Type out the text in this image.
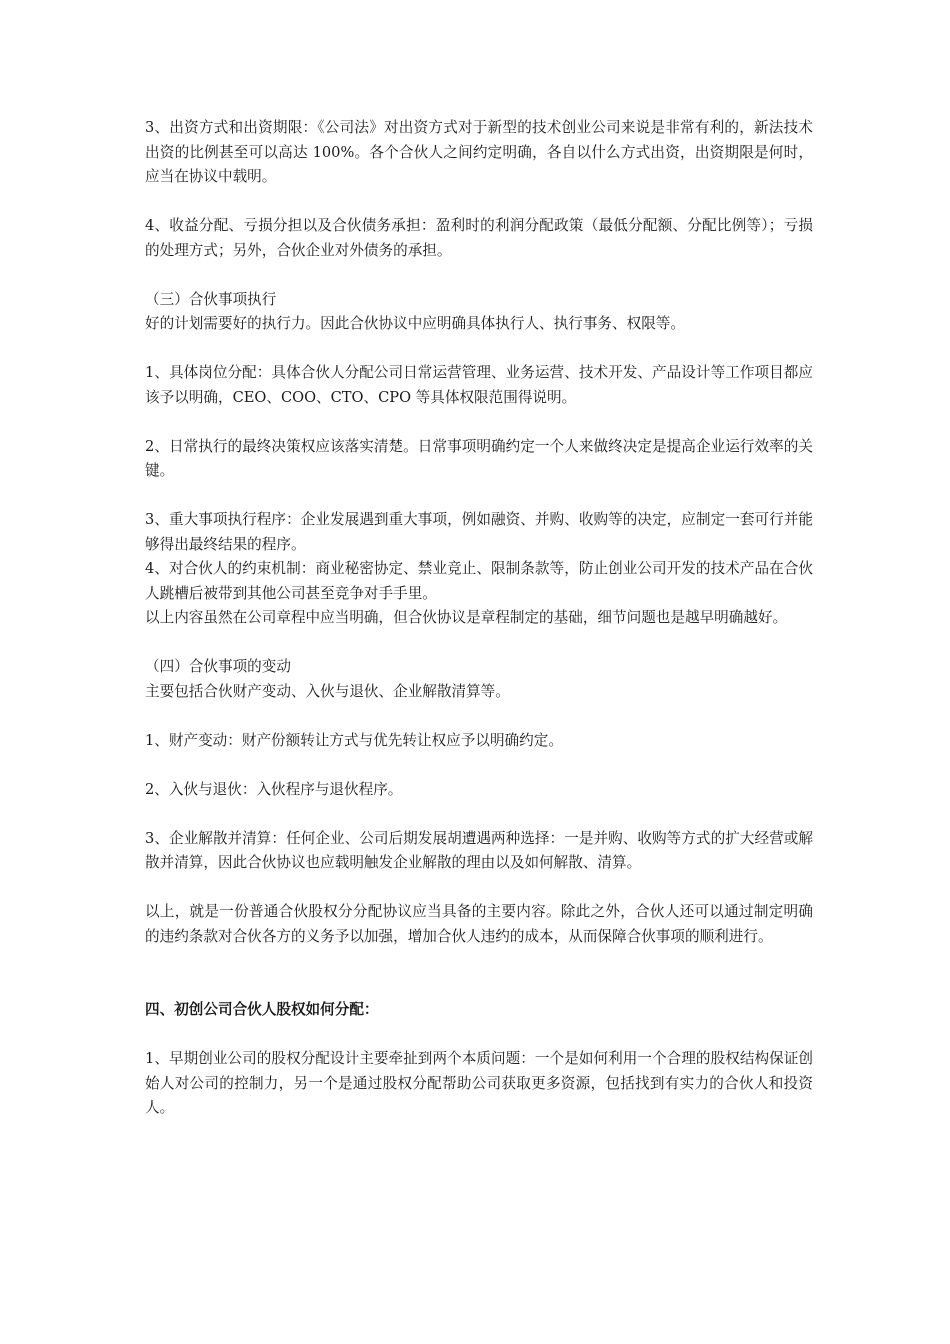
3、出资方式和出资期限：《公司法》对出资方式对于新型的技术创业公司来说是非常有利的，新法技术出资的比例甚至可以高达 100%。各个合伙人之间约定明确，各自以什么方式出资，出资期限是何时，应当在协议中载明。

4、收益分配、亏损分担以及合伙债务承担：盈利时的利润分配政策（最低分配额、分配比例等）；亏损的处理方式；另外，合伙企业对外债务的承担。

（三）合伙事项执行

好的计划需要好的执行力。因此合伙协议中应明确具体执行人、执行事务、权限等。

1、具体岗位分配：具体合伙人分配公司日常运营管理、业务运营、技术开发、产品设计等工作项目都应该予以明确，CEO、COO、CTO、CPO 等具体权限范围得说明。

2、日常执行的最终决策权应该落实清楚。日常事项明确约定一个人来做终决定是提高企业运行效率的关键。

3、重大事项执行程序：企业发展遇到重大事项，例如融资、并购、收购等的决定，应制定一套可行并能够得出最终结果的程序。

4、对合伙人的约束机制：商业秘密协定、禁业竞止、限制条款等，防止创业公司开发的技术产品在合伙人跳槽后被带到其他公司甚至竞争对手手里。

以上内容虽然在公司章程中应当明确，但合伙协议是章程制定的基础，细节问题也是越早明确越好。

（四）合伙事项的变动

主要包括合伙财产变动、入伙与退伙、企业解散清算等。

1、财产变动：财产份额转让方式与优先转让权应予以明确约定。

2、入伙与退伙：入伙程序与退伙程序。

3、企业解散并清算：任何企业、公司后期发展胡遭遇两种选择：一是并购、收购等方式的扩大经营或解散并清算，因此合伙协议也应载明触发企业解散的理由以及如何解散、清算。

以上，就是一份普通合伙股权分分配协议应当具备的主要内容。除此之外，合伙人还可以通过制定明确的违约条款对合伙各方的义务予以加强，增加合伙人违约的成本，从而保障合伙事项的顺利进行。

四、初创公司合伙人股权如何分配：

1、早期创业公司的股权分配设计主要牵扯到两个本质问题：一个是如何利用一个合理的股权结构保证创始人对公司的控制力，另一个是通过股权分配帮助公司获取更多资源，包括找到有实力的合伙人和投资人。
